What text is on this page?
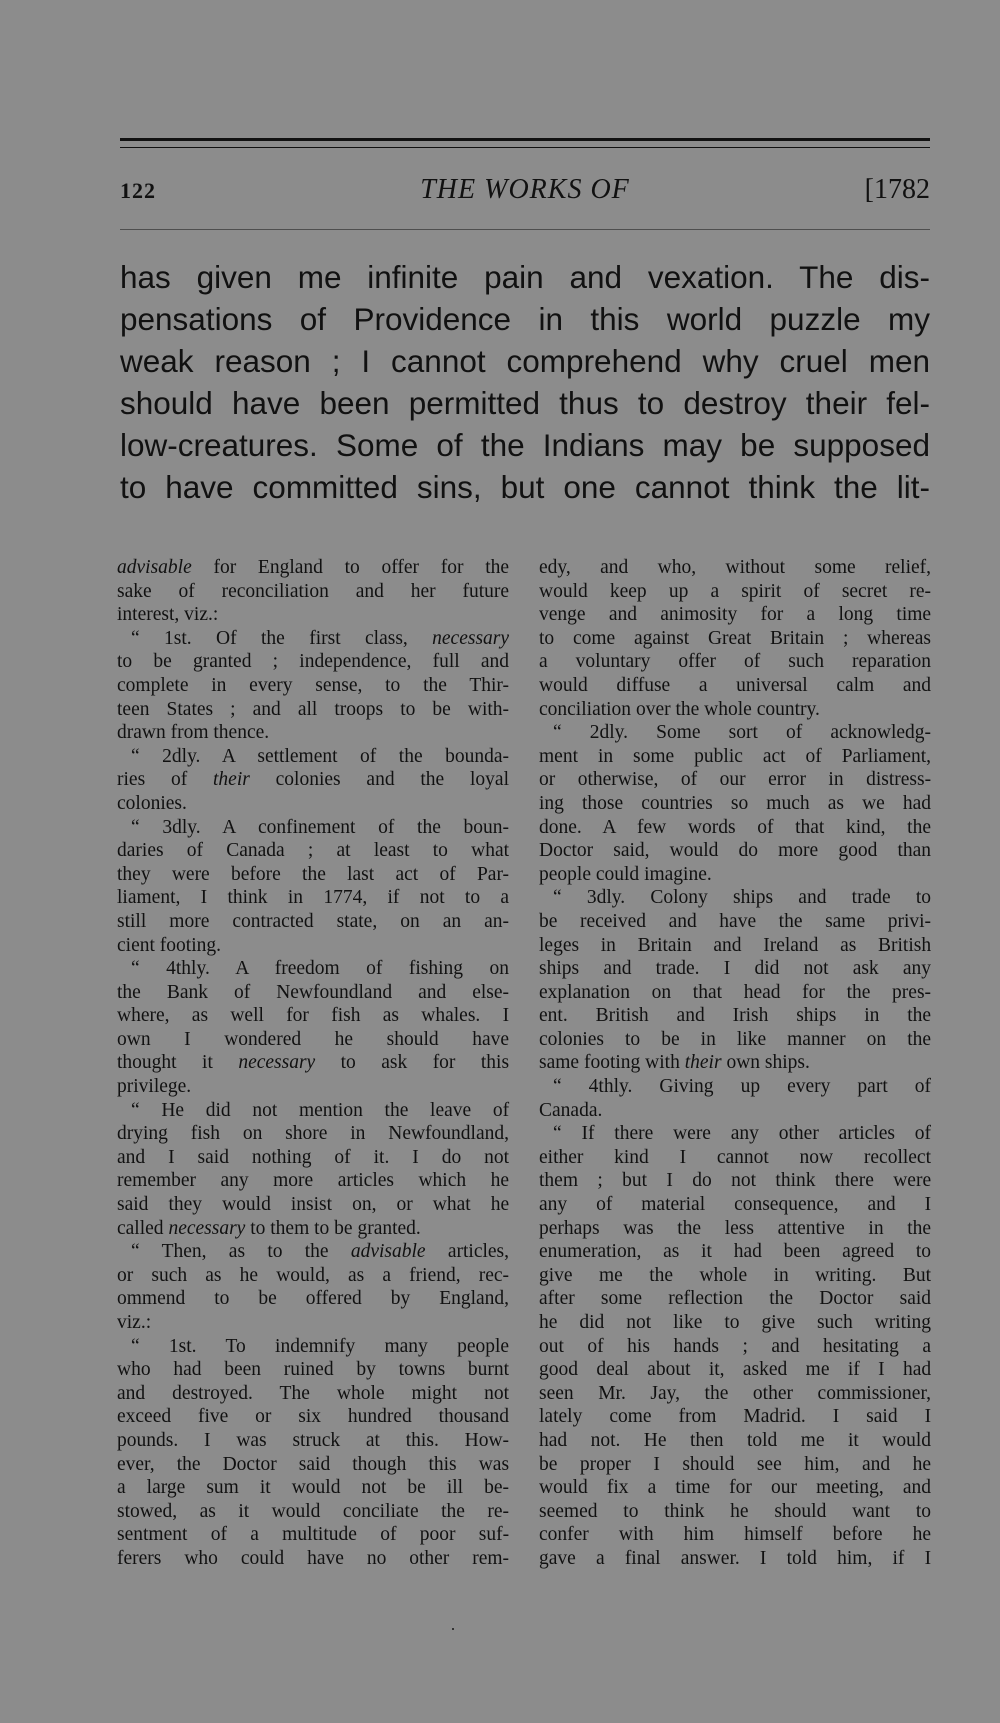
122	THE WORKS OF	[1782
has given me infinite pain and vexation. The dis-
pensations of Providence in this world puzzle my
weak reason ; I cannot comprehend why cruel men
should have been permitted thus to destroy their fel-
low-creatures. Some of the Indians may be supposed
to have committed sins, but one cannot think the lit-
advisable for England to offer for the
sake of reconciliation and her future
interest, viz.:
“ 1st. Of the first class, necessary
to be granted ; independence, full and
complete in every sense, to the Thir-
teen States ; and all troops to be with-
drawn from thence.
“ 2dly. A settlement of the bounda-
ries of their colonies and the loyal
colonies.
“ 3dly. A confinement of the boun-
daries of Canada ; at least to what
they were before the last act of Par-
liament, I think in 1774, if not to a
still more contracted state, on an an-
cient footing.
“ 4thly. A freedom of fishing on
the Bank of Newfoundland and else-
where, as well for fish as whales. I
own I wondered he should have
thought it necessary to ask for this
privilege.
“ He did not mention the leave of
drying fish on shore in Newfoundland,
and I said nothing of it. I do not
remember any more articles which he
said they would insist on, or what he
called necessary to them to be granted.
“ Then, as to the advisable articles,
or such as he would, as a friend, rec-
ommend to be offered by England,
viz.:
“ 1st. To indemnify many people
who had been ruined by towns burnt
and destroyed. The whole might not
exceed five or six hundred thousand
pounds. I was struck at this. How-
ever, the Doctor said though this was
a large sum it would not be ill be-
stowed, as it would conciliate the re-
sentment of a multitude of poor suf-
ferers who could have no other rem-
edy, and who, without some relief,
would keep up a spirit of secret re-
venge and animosity for a long time
to come against Great Britain ; whereas
a voluntary offer of such reparation
would diffuse a universal calm and
conciliation over the whole country.
“ 2dly. Some sort of acknowledg-
ment in some public act of Parliament,
or otherwise, of our error in distress-
ing those countries so much as we had
done. A few words of that kind, the
Doctor said, would do more good than
people could imagine.
“ 3dly. Colony ships and trade to
be received and have the same privi-
leges in Britain and Ireland as British
ships and trade. I did not ask any
explanation on that head for the pres-
ent. British and Irish ships in the
colonies to be in like manner on the
same footing with their own ships.
“ 4thly. Giving up every part of
Canada.
“ If there were any other articles of
either kind I cannot now recollect
them ; but I do not think there were
any of material consequence, and I
perhaps was the less attentive in the
enumeration, as it had been agreed to
give me the whole in writing. But
after some reflection the Doctor said
he did not like to give such writing
out of his hands ; and hesitating a
good deal about it, asked me if I had
seen Mr. Jay, the other commissioner,
lately come from Madrid. I said I
had not. He then told me it would
be proper I should see him, and he
would fix a time for our meeting, and
seemed to think he should want to
confer with him himself before he
gave a final answer. I told him, if I
